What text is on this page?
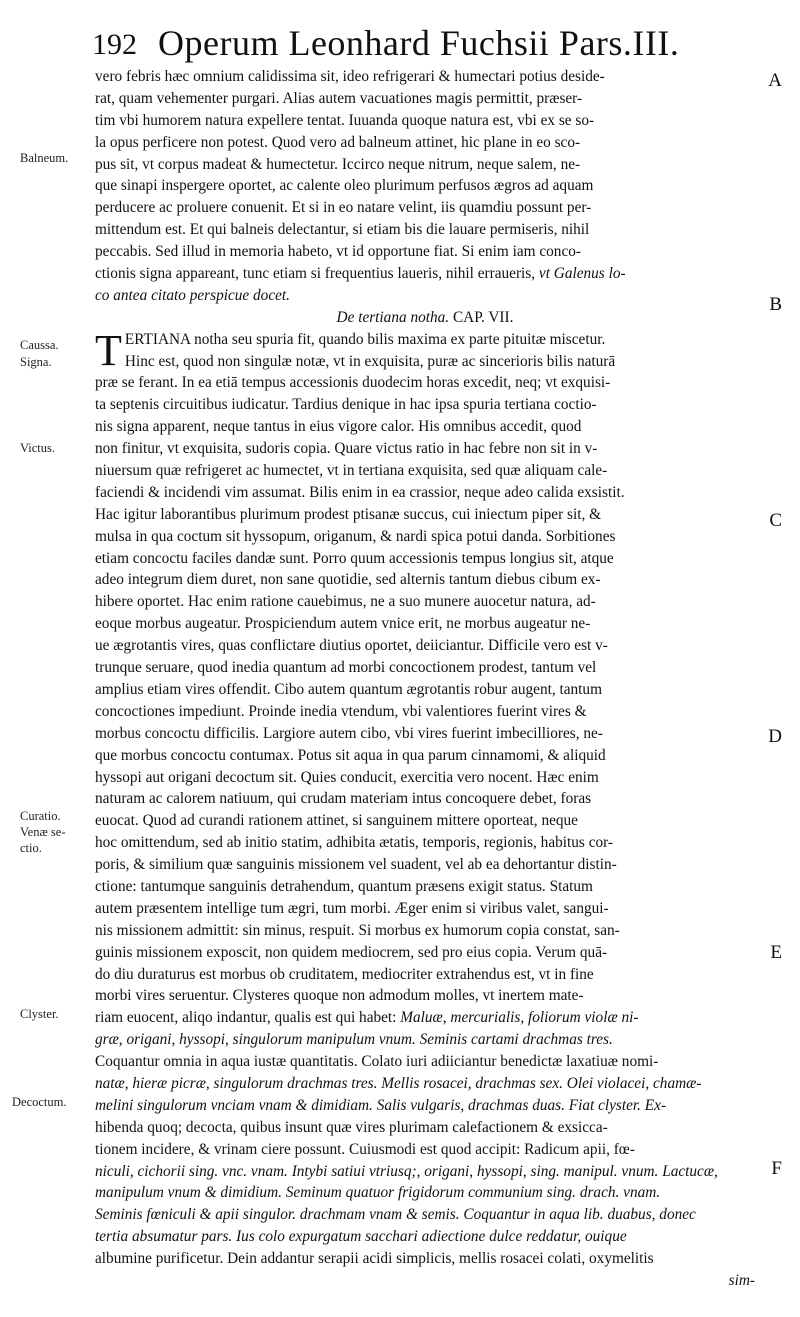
192 Operum Leonhard Fuchsii Pars.III.
Balneum.
Caussa.
Signa.
Victus.
Curatio.
Venæ se-
ctio.
Clyster.
Decoctum.
A
B
C
D
E
F
vero febris hæc omnium calidissima sit, ideo refrigerari & humectari potius deside-
rat, quam vehementer purgari. Alias autem vacuationes magis permittit, præser-
tim vbi humorem natura expellere tentat. Iuuanda quoque natura est, vbi ex se so-
la opus perficere non potest. Quod vero ad balneum attinet, hic plane in eo sco-
pus sit, vt corpus madeat & humectetur. Iccirco neque nitrum, neque salem, ne-
que sinapi inspergere oportet, ac calente oleo plurimum perfusos ægros ad aquam
perducere ac proluere conuenit. Et si in eo natare velint, iis quamdiu possunt per-
mittendum est. Et qui balneis delectantur, si etiam bis die lauare permiseris, nihil
peccabis. Sed illud in memoria habeto, vt id opportune fiat. Si enim iam conco-
ctionis signa appareant, tunc etiam si frequentius laueris, nihil erraueris, vt Galenus lo-
co antea citato perspicue docet.
De tertiana notha. CAP. VII.
T ERTIANA notha seu spuria fit, quando bilis maxima ex parte pituitæ miscetur.
Hinc est, quod non singulæ notæ, vt in exquisita, puræ ac sincerioris bilis naturā
præ se ferant. In ea etiā tempus accessionis duodecim horas excedit, neq; vt exquisi-
ta septenis circuitibus iudicatur. Tardius denique in hac ipsa spuria tertiana coctio-
nis signa apparent, neque tantus in eius vigore calor. His omnibus accedit, quod
non finitur, vt exquisita, sudoris copia. Quare victus ratio in hac febre non sit in v-
niuersum quæ refrigeret ac humectet, vt in tertiana exquisita, sed quæ aliquam cale-
faciendi & incidendi vim assumat. Bilis enim in ea crassior, neque adeo calida exsistit.
Hac igitur laborantibus plurimum prodest ptisanæ succus, cui iniectum piper sit, &
mulsa in qua coctum sit hyssopum, origanum, & nardi spica potui danda. Sorbitiones
etiam concoctu faciles dandæ sunt. Porro quum accessionis tempus longius sit, atque
adeo integrum diem duret, non sane quotidie, sed alternis tantum diebus cibum ex-
hibere oportet. Hac enim ratione cauebimus, ne a suo munere auocetur natura, ad-
eoque morbus augeatur. Prospiciendum autem vnice erit, ne morbus augeatur ne-
ue ægrotantis vires, quas conflictare diutius oportet, deiiciantur. Difficile vero est v-
trunque seruare, quod inedia quantum ad morbi concoctionem prodest, tantum vel
amplius etiam vires offendit. Cibo autem quantum ægrotantis robur augent, tantum
concoctiones impediunt. Proinde inedia vtendum, vbi valentiores fuerint vires &
morbus concoctu difficilis. Largiore autem cibo, vbi vires fuerint imbecilliores, ne-
que morbus concoctu contumax. Potus sit aqua in qua parum cinnamomi, & aliquid
hyssopi aut origani decoctum sit. Quies conducit, exercitia vero nocent. Hæc enim
naturam ac calorem natiuum, qui crudam materiam intus concoquere debet, foras
euocat. Quod ad curandi rationem attinet, si sanguinem mittere oporteat, neque
hoc omittendum, sed ab initio statim, adhibita ætatis, temporis, regionis, habitus cor-
poris, & similium quæ sanguinis missionem vel suadent, vel ab ea dehortantur distin-
ctione: tantumque sanguinis detrahendum, quantum præsens exigit status. Statum
autem præsentem intellige tum ægri, tum morbi. Æger enim si viribus valet, sangui-
nis missionem admittit: sin minus, respuit. Si morbus ex humorum copia constat, san-
guinis missionem exposcit, non quidem mediocrem, sed pro eius copia. Verum quā-
do diu duraturus est morbus ob cruditatem, mediocriter extrahendus est, vt in fine
morbi vires seruentur. Clysteres quoque non admodum molles, vt inertem mate-
riam euocent, aliqo indantur, qualis est qui habet: Maluæ, mercurialis, foliorum violæ ni-
græ, origani, hyssopi, singulorum manipulum vnum. Seminis cartami drachmas tres.
Coquantur omnia in aqua iustæ quantitatis. Colato iuri adiiciantur benedictæ laxatiuæ nomi-
natæ, hieræ picræ, singulorum drachmas tres. Mellis rosacei, drachmas sex. Olei violacei, chamæ-
melini singulorum vnciam vnam & dimidiam. Salis vulgaris, drachmas duas. Fiat clyster. Ex-
hibenda quoq; decocta, quibus insunt quæ vires plurimam calefactionem & exsicca-
tionem incidere, & vrinam ciere possunt. Cuiusmodi est quod accipit: Radicum apii, fœ-
niculi, cichorii sing. vnc. vnam. Intybi satiui vtriusq;, origani, hyssopi, sing. manipul. vnum. Lactucæ,
manipulum vnum & dimidium. Seminum quatuor frigidorum communium sing. drach. vnam.
Seminis fœniculi & apii singulor. drachmam vnam & semis. Coquantur in aqua lib. duabus, donec
tertia absumatur pars. Ius colo expurgatum sacchari adiectione dulce reddatur, ouique
albumine purificetur. Dein addantur serapii acidi simplicis, mellis rosacei colati, oxymelitis
sim-
